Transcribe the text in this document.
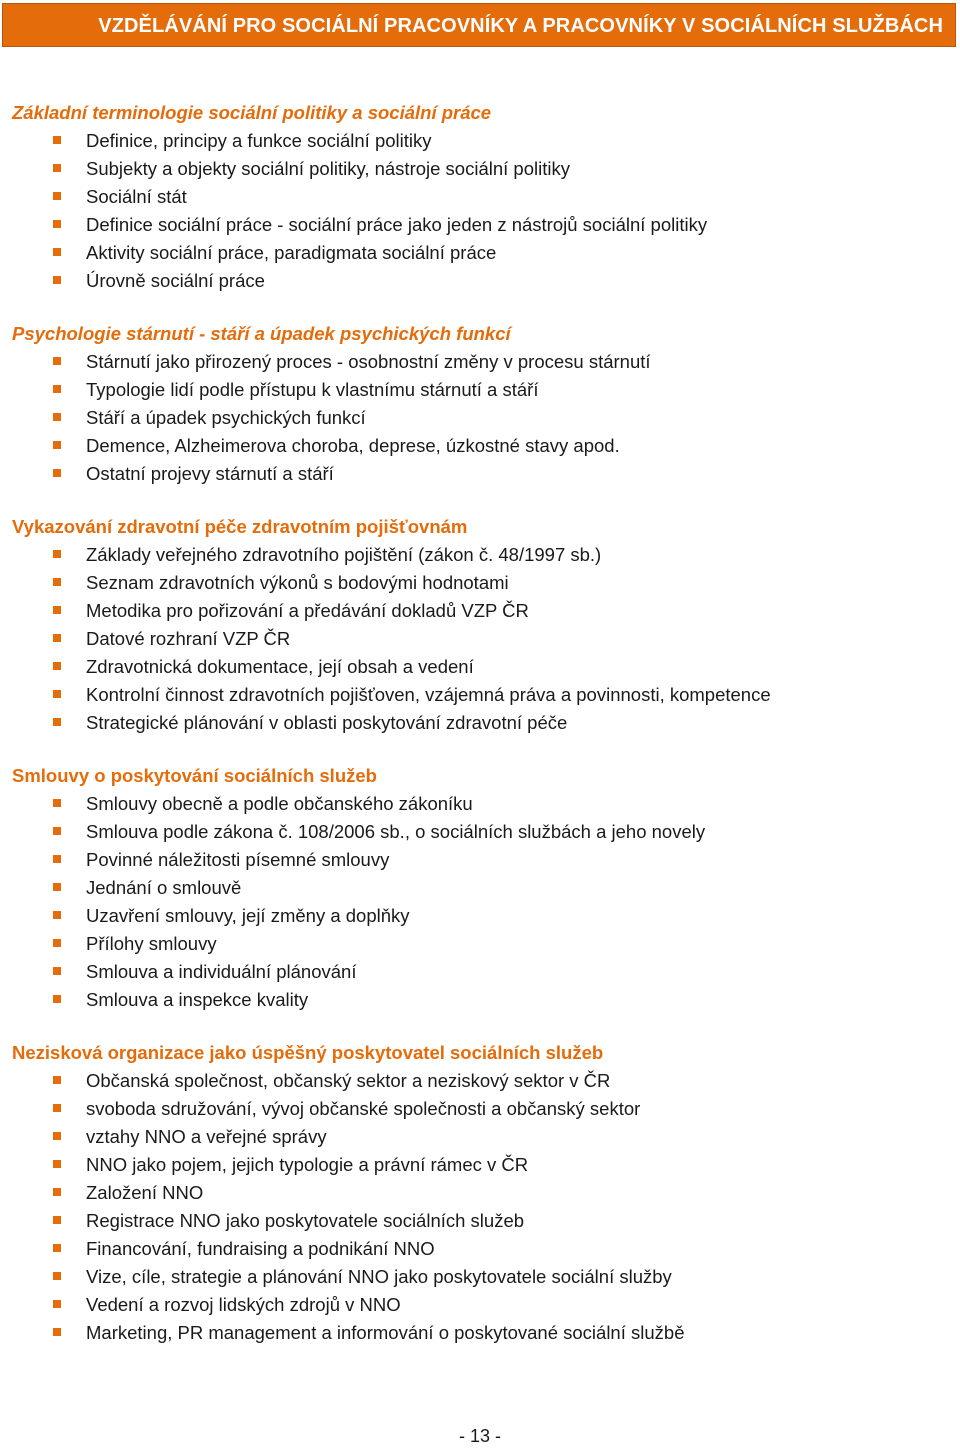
VZDĚLÁVÁNÍ PRO SOCIÁLNÍ PRACOVNÍKY A PRACOVNÍKY V SOCIÁLNÍCH SLUŽBÁCH
Základní terminologie sociální politiky a sociální práce
Definice, principy a funkce sociální politiky
Subjekty a objekty sociální politiky, nástroje sociální politiky
Sociální stát
Definice sociální práce - sociální práce jako jeden z nástrojů sociální politiky
Aktivity sociální práce, paradigmata sociální práce
Úrovně sociální práce
Psychologie stárnutí - stáří a úpadek psychických funkcí
Stárnutí jako přirozený proces - osobnostní změny v procesu stárnutí
Typologie lidí podle přístupu k vlastnímu stárnutí a stáří
Stáří a úpadek psychických funkcí
Demence, Alzheimerova choroba, deprese, úzkostné stavy apod.
Ostatní projevy stárnutí a stáří
Vykazování zdravotní péče zdravotním pojišťovnám
Základy veřejného zdravotního pojištění (zákon č. 48/1997 sb.)
Seznam zdravotních výkonů s bodovými hodnotami
Metodika pro pořizování a předávání dokladů VZP ČR
Datové rozhraní VZP ČR
Zdravotnická dokumentace, její obsah a vedení
Kontrolní činnost zdravotních pojišťoven, vzájemná práva a povinnosti, kompetence
Strategické plánování v oblasti poskytování zdravotní péče
Smlouvy o poskytování sociálních služeb
Smlouvy obecně a podle občanského zákoníku
Smlouva podle zákona č. 108/2006 sb., o sociálních službách a jeho novely
Povinné náležitosti písemné smlouvy
Jednání o smlouvě
Uzavření smlouvy, její změny a doplňky
Přílohy smlouvy
Smlouva a individuální plánování
Smlouva a inspekce kvality
Nezisková organizace jako úspěšný poskytovatel sociálních služeb
Občanská společnost, občanský sektor a neziskový sektor v ČR
svoboda sdružování, vývoj občanské společnosti a občanský sektor
vztahy NNO a veřejné správy
NNO jako pojem, jejich typologie a právní rámec v ČR
Založení NNO
Registrace NNO jako poskytovatele sociálních služeb
Financování, fundraising a podnikání NNO
Vize, cíle, strategie a plánování NNO jako poskytovatele sociální služby
Vedení a rozvoj lidských zdrojů v NNO
Marketing, PR management a informování o poskytované sociální službě
- 13 -
